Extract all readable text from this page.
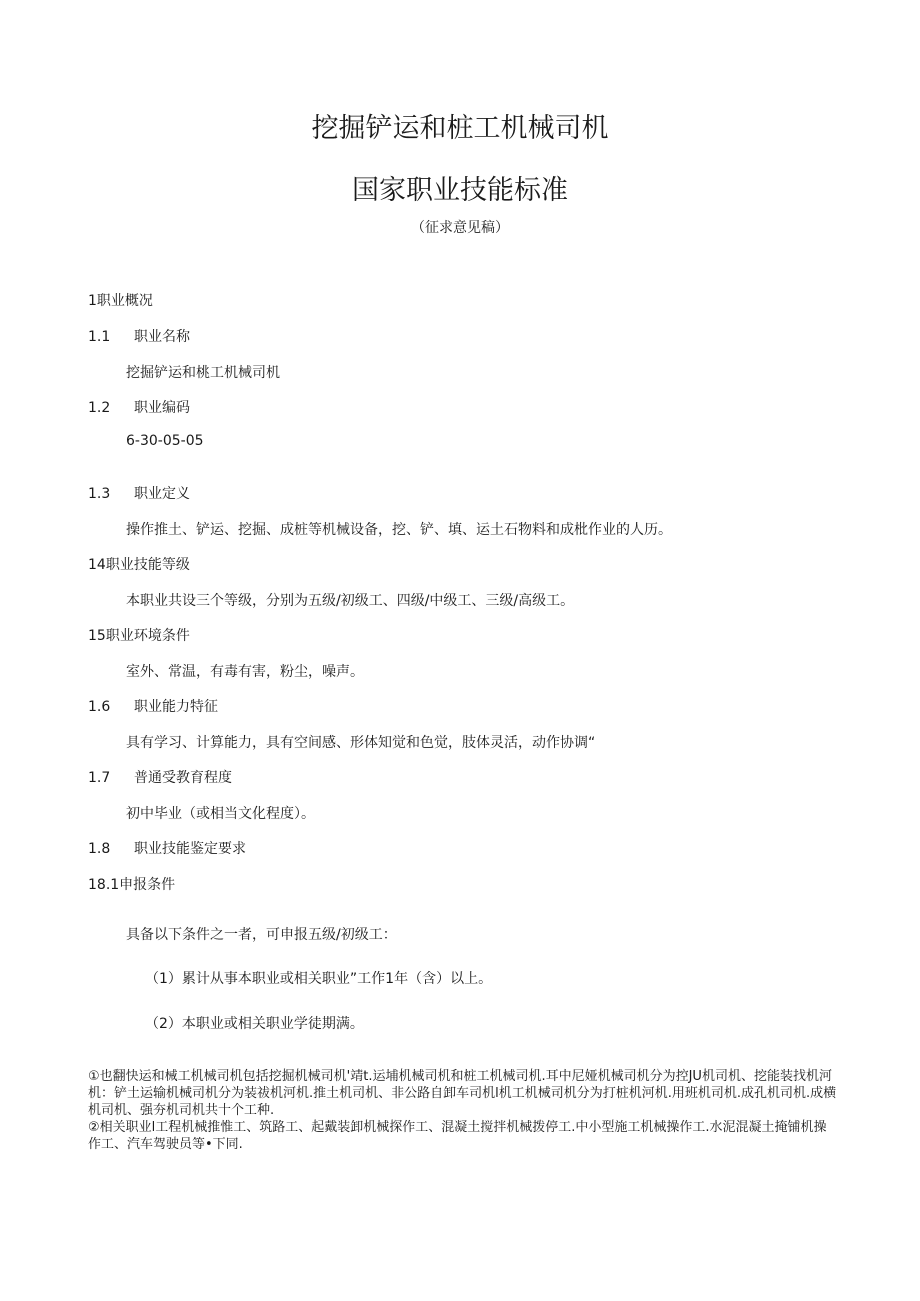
挖掘铲运和桩工机械司机
国家职业技能标准
（征求意见稿）
1职业概况
1.1 职业名称
挖掘铲运和桃工机械司机
1.2 职业编码
6-30-05-05
1.3 职业定义
操作推土、铲运、挖掘、成桩等机械设备，挖、铲、填、运土石物料和成枇作业的人历。
14职业技能等级
本职业共设三个等级，分别为五级/初级工、四级/中级工、三级/高级工。
15职业环境条件
室外、常温，有毒有害，粉尘，噪声。
1.6 职业能力特征
具有学习、计算能力，具有空间感、形体知觉和色觉，肢体灵活，动作协调“
1.7 普通受教育程度
初中毕业（或相当文化程度）。
1.8 职业技能鉴定要求
18.1申报条件
具备以下条件之一者，可申报五级/初级工：
（1）累计从事本职业或相关职业”工作1年（含）以上。
（2）本职业或相关职业学徒期满。
①也翻快运和械工机械司机包括挖掘机械司机'靖t.运埔机械司机和桩工机械司机.耳中尼娅机械司机分为控JU机司机、挖能装找机河机：铲土运输机械司机分为装祓机河机.推土机司机、非公路自卸车司机l机工机械司机分为打桩机河机.用班机司机.成孔机司机.成横机司机、强夯机司机共十个工种.
②相关职业l工程机械推惟工、筑路工、起戴装卸机械探作工、混凝土搅拌机械拨停工.中小型施工机械操作工.水泥混凝土掩铺机操作工、汽车驾驶员等•下同.
